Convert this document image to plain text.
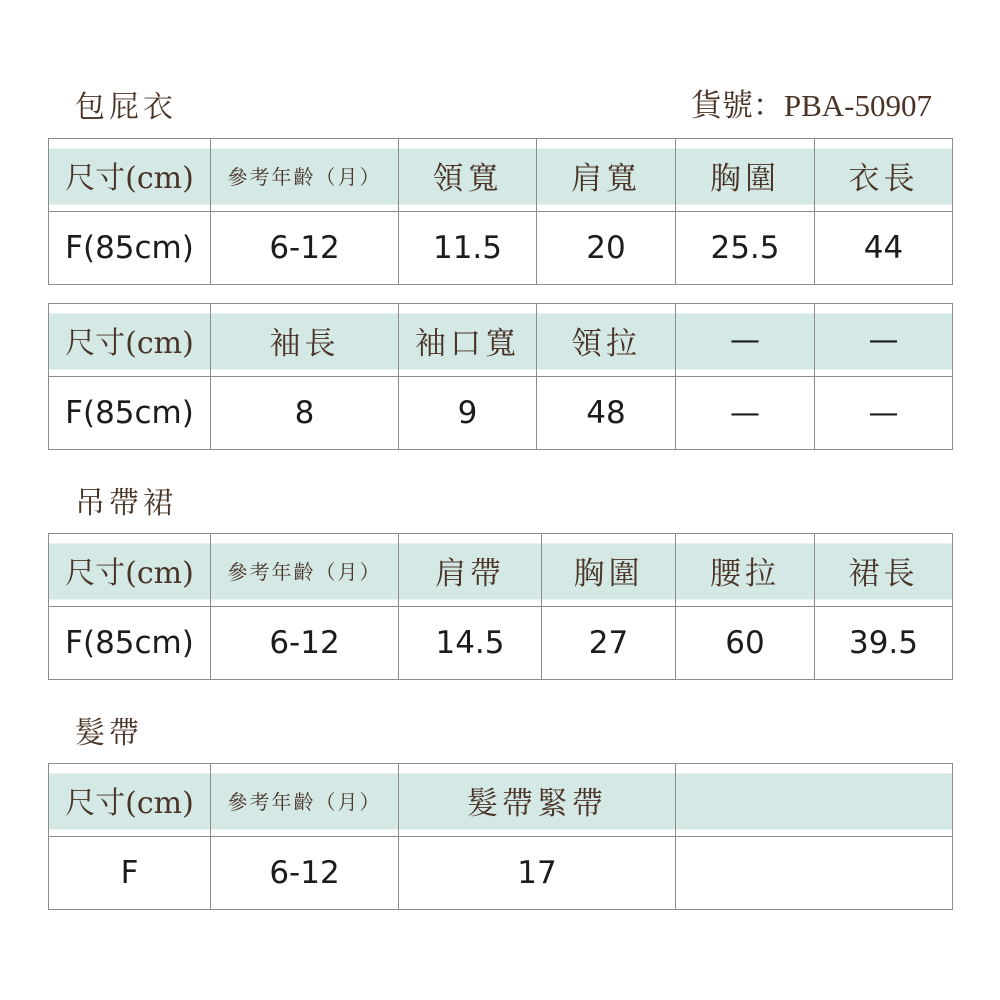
包屁衣	貨號：PBA-50907
尺寸(cm)	參考年齡（月）	領寬	肩寬	胸圍	衣長
F(85cm)	6-12	11.5	20	25.5	44
尺寸(cm)	袖長	袖口寬	領拉	—	—
F(85cm)	8	9	48	—	—
吊帶裙
尺寸(cm)	參考年齡（月）	肩帶	胸圍	腰拉	裙長
F(85cm)	6-12	14.5	27	60	39.5
髮帶
尺寸(cm)	參考年齡（月）	髮帶緊帶	
F	6-12	17	
